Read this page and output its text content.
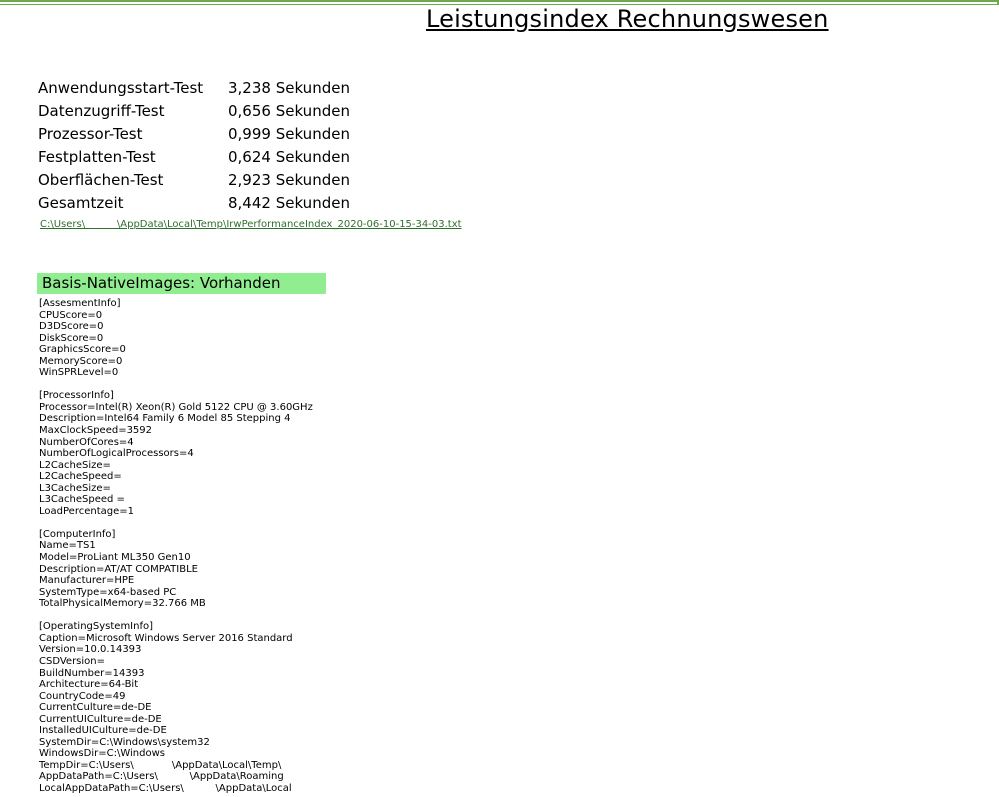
Leistungsindex Rechnungswesen
Anwendungsstart-Test	3,238 Sekunden
Datenzugriff-Test	0,656 Sekunden
Prozessor-Test	0,999 Sekunden
Festplatten-Test	0,624 Sekunden
Oberflächen-Test	2,923 Sekunden
Gesamtzeit	8,442 Sekunden
C:\Users\          \AppData\Local\Temp\IrwPerformanceIndex_2020-06-10-15-34-03.txt
Basis-NativeImages: Vorhanden
[AssesmentInfo]
CPUScore=0
D3DScore=0
DiskScore=0
GraphicsScore=0
MemoryScore=0
WinSPRLevel=0
[ProcessorInfo]
Processor=Intel(R) Xeon(R) Gold 5122 CPU @ 3.60GHz
Description=Intel64 Family 6 Model 85 Stepping 4
MaxClockSpeed=3592
NumberOfCores=4
NumberOfLogicalProcessors=4
L2CacheSize=
L2CacheSpeed=
L3CacheSize=
L3CacheSpeed =
LoadPercentage=1
[ComputerInfo]
Name=TS1
Model=ProLiant ML350 Gen10
Description=AT/AT COMPATIBLE
Manufacturer=HPE
SystemType=x64-based PC
TotalPhysicalMemory=32.766 MB
[OperatingSystemInfo]
Caption=Microsoft Windows Server 2016 Standard
Version=10.0.14393
CSDVersion=
BuildNumber=14393
Architecture=64-Bit
CountryCode=49
CurrentCulture=de-DE
CurrentUICulture=de-DE
InstalledUICulture=de-DE
SystemDir=C:\Windows\system32
WindowsDir=C:\Windows
TempDir=C:\Users\            \AppData\Local\Temp\
AppDataPath=C:\Users\          \AppData\Roaming
LocalAppDataPath=C:\Users\          \AppData\Local
